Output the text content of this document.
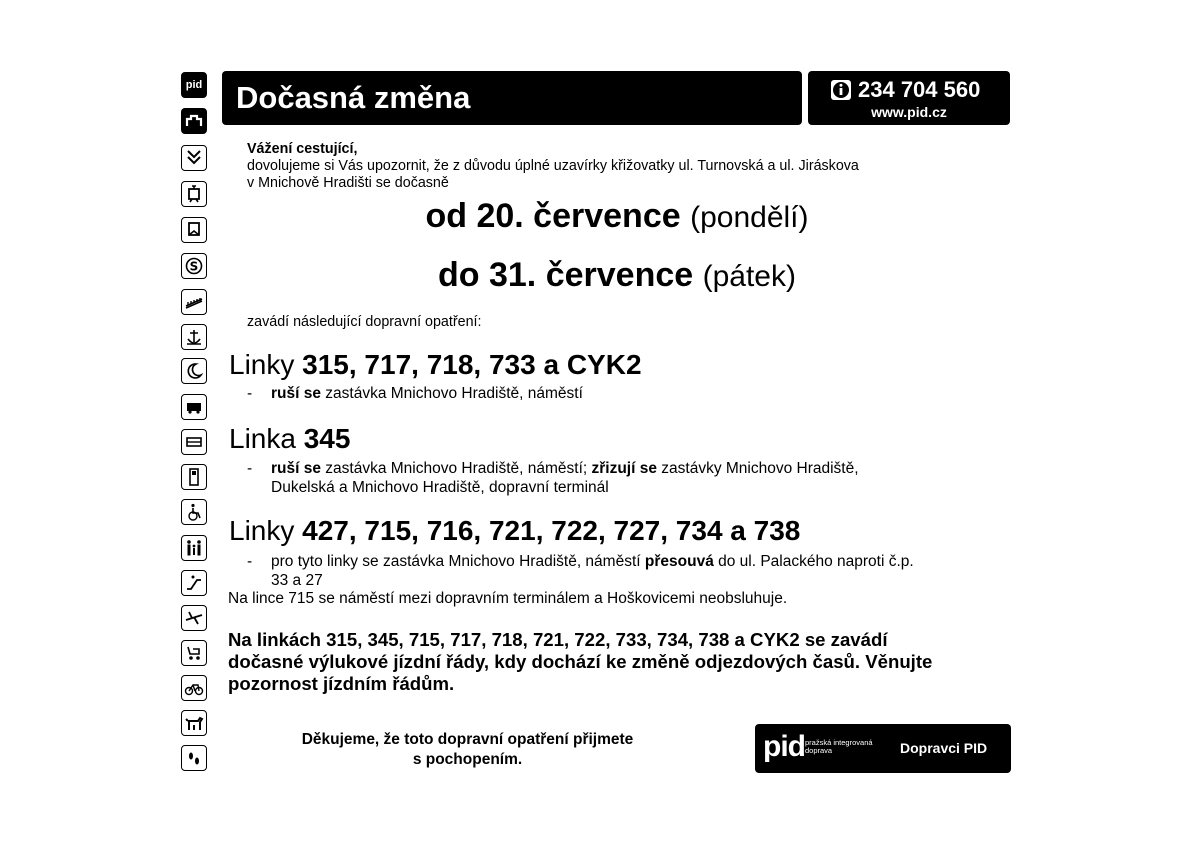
pid
S
Dočasná změna	234 704 560
www.pid.cz
Vážení cestující,
dovolujeme si Vás upozornit, že z důvodu úplné uzavírky křižovatky ul. Turnovská a ul. Jiráskova
v Mnichově Hradišti se dočasně
od 20. července (pondělí)
do 31. července (pátek)
zavádí následující dopravní opatření:
Linky 315, 717, 718, 733 a CYK2
- ruší se zastávka Mnichovo Hradiště, náměstí
Linka 345
- ruší se zastávka Mnichovo Hradiště, náměstí; zřizují se zastávky Mnichovo Hradiště,
Dukelská a Mnichovo Hradiště, dopravní terminál
Linky 427, 715, 716, 721, 722, 727, 734 a 738
- pro tyto linky se zastávka Mnichovo Hradiště, náměstí přesouvá do ul. Palackého naproti č.p.
33 a 27
Na lince 715 se náměstí mezi dopravním terminálem a Hoškovicemi neobsluhuje.
Na linkách 315, 345, 715, 717, 718, 721, 722, 733, 734, 738 a CYK2 se zavádí
dočasné výlukové jízdní řády, kdy dochází ke změně odjezdových časů. Věnujte
pozornost jízdním řádům.
Děkujeme, že toto dopravní opatření přijmete
s pochopením.	pid pražská integrovaná
doprava	Dopravci PID
